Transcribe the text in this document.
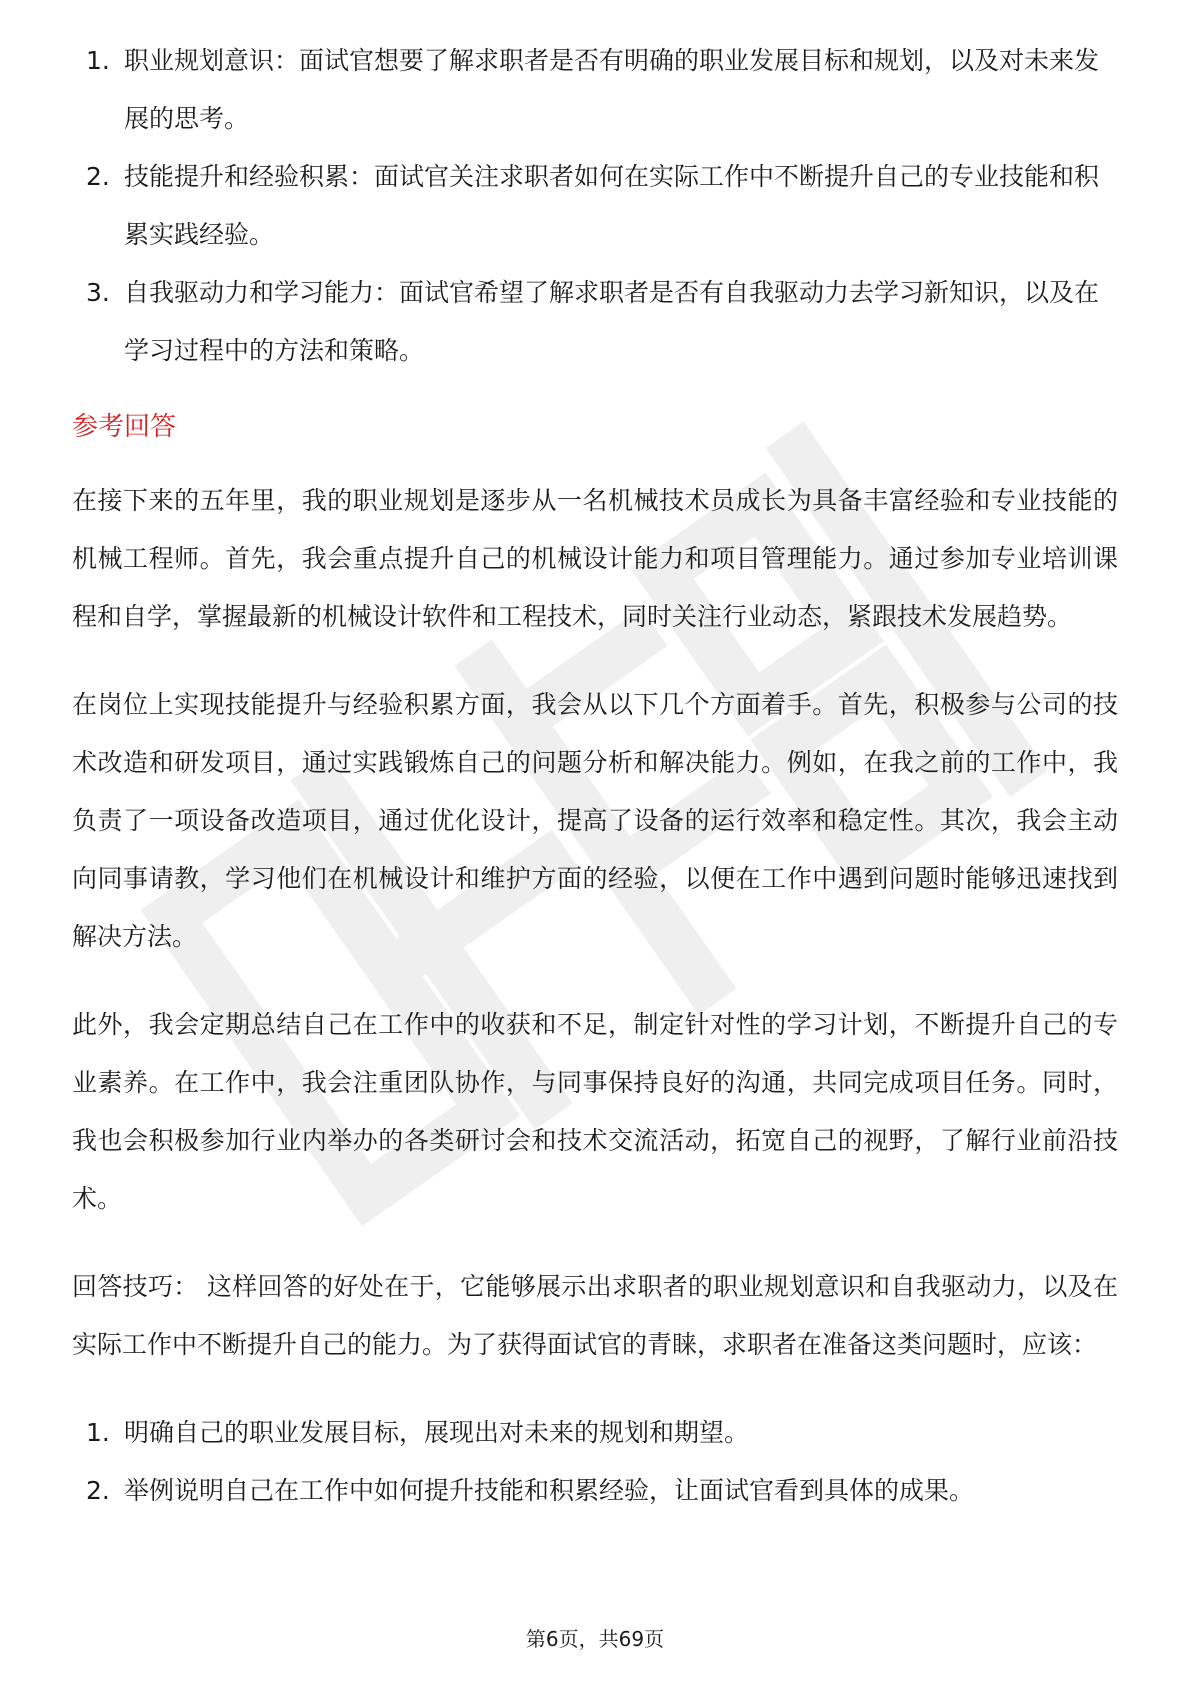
1. 职业规划意识：面试官想要了解求职者是否有明确的职业发展目标和规划，以及对未来发展的思考。
2. 技能提升和经验积累：面试官关注求职者如何在实际工作中不断提升自己的专业技能和积累实践经验。
3. 自我驱动力和学习能力：面试官希望了解求职者是否有自我驱动力去学习新知识，以及在学习过程中的方法和策略。
参考回答

在接下来的五年里，我的职业规划是逐步从一名机械技术员成长为具备丰富经验和专业技能的机械工程师。首先，我会重点提升自己的机械设计能力和项目管理能力。通过参加专业培训课程和自学，掌握最新的机械设计软件和工程技术，同时关注行业动态，紧跟技术发展趋势。

在岗位上实现技能提升与经验积累方面，我会从以下几个方面着手。首先，积极参与公司的技术改造和研发项目，通过实践锻炼自己的问题分析和解决能力。例如，在我之前的工作中，我负责了一项设备改造项目，通过优化设计，提高了设备的运行效率和稳定性。其次，我会主动向同事请教，学习他们在机械设计和维护方面的经验，以便在工作中遇到问题时能够迅速找到解决方法。

此外，我会定期总结自己在工作中的收获和不足，制定针对性的学习计划，不断提升自己的专业素养。在工作中，我会注重团队协作，与同事保持良好的沟通，共同完成项目任务。同时，我也会积极参加行业内举办的各类研讨会和技术交流活动，拓宽自己的视野，了解行业前沿技术。

回答技巧： 这样回答的好处在于，它能够展示出求职者的职业规划意识和自我驱动力，以及在实际工作中不断提升自己的能力。为了获得面试官的青睐，求职者在准备这类问题时，应该：

1. 明确自己的职业发展目标，展现出对未来的规划和期望。
2. 举例说明自己在工作中如何提升技能和积累经验，让面试官看到具体的成果。
第6页，共69页
